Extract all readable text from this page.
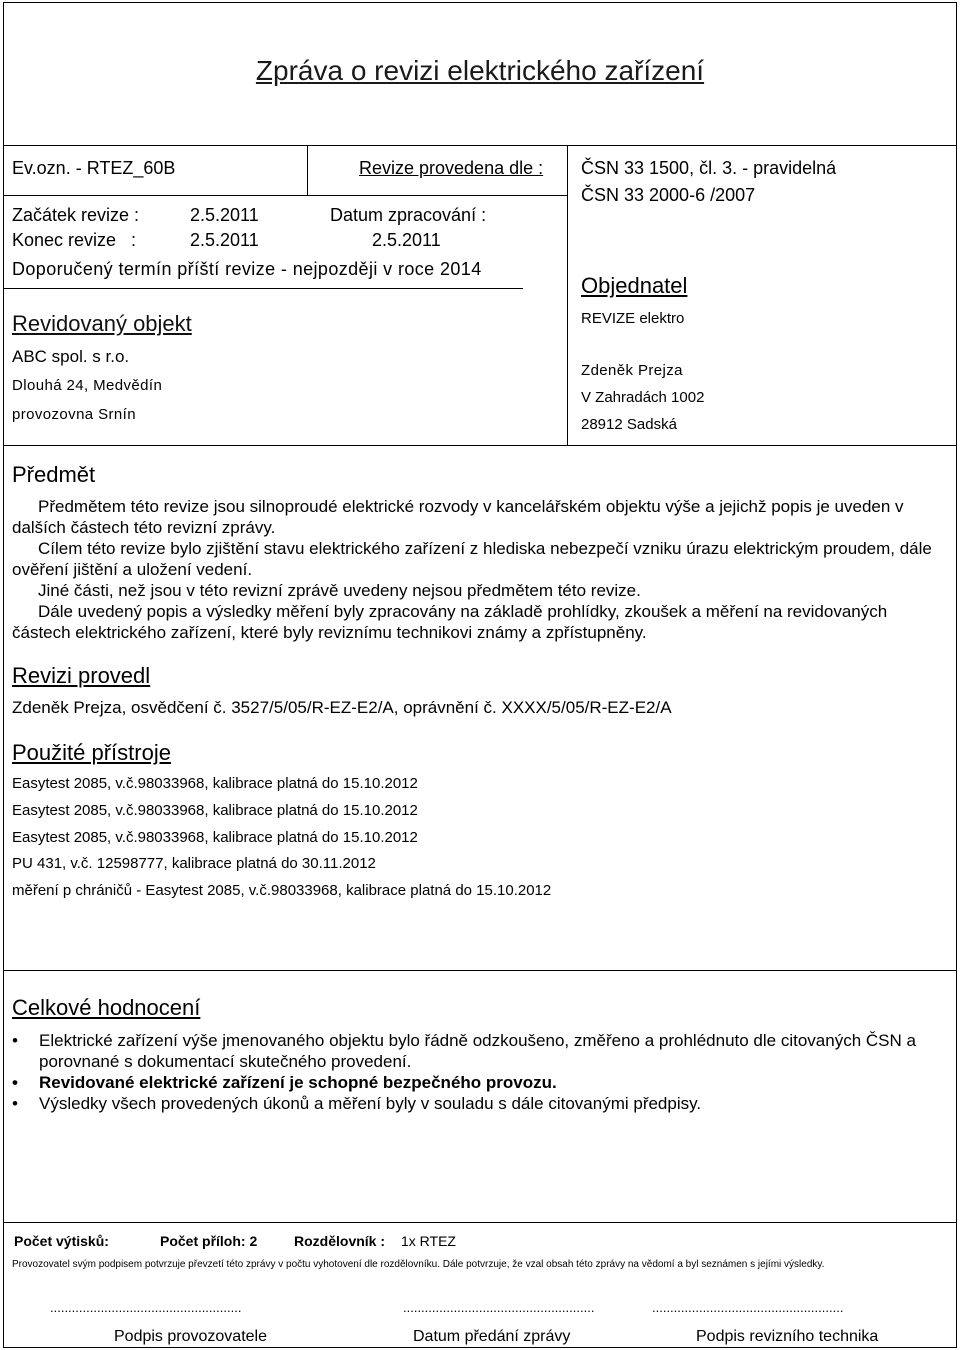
Zpráva o revizi elektrického zařízení
Ev.ozn. - RTEZ_60B	Revize provedena dle : ČSN 33 1500, čl. 3. - pravidelná
ČSN 33 2000-6 /2007
Začátek revize :	2.5.2011	Datum zpracování :
Konec revize   :	2.5.2011	2.5.2011
Doporučený termín příští revize - nejpozději v roce 2014
Revidovaný objekt
ABC spol. s r.o.
Dlouhá 24, Medvědín
provozovna Srnín
Objednatel
REVIZE elektro
Zdeněk Prejza
V Zahradách 1002
28912 Sadská
Předmět
Předmětem této revize jsou silnoproudé elektrické rozvody v kancelářském objektu výše a jejichž popis je uveden v dalších částech této revizní zprávy.
Cílem této revize bylo zjištění stavu elektrického zařízení z hlediska nebezpečí vzniku úrazu elektrickým proudem, dále ověření jištění a uložení vedení.
Jiné části, než jsou v této revizní zprávě uvedeny nejsou předmětem této revize.
Dále uvedený popis a výsledky měření byly zpracovány na základě prohlídky, zkoušek a měření na revidovaných částech elektrického zařízení, které byly reviznímu technikovi známy a zpřístupněny.
Revizi provedl
Zdeněk Prejza, osvědčení č. 3527/5/05/R-EZ-E2/A, oprávnění č. XXXX/5/05/R-EZ-E2/A
Použité přístroje
Easytest 2085, v.č.98033968, kalibrace platná do 15.10.2012
Easytest 2085, v.č.98033968, kalibrace platná do 15.10.2012
Easytest 2085, v.č.98033968, kalibrace platná do 15.10.2012
PU 431, v.č. 12598777, kalibrace platná do 30.11.2012
měření p chráničů - Easytest 2085, v.č.98033968, kalibrace platná do 15.10.2012
Celkové hodnocení
• Elektrické zařízení výše jmenovaného objektu bylo řádně odzkoušeno, změřeno a prohlédnuto dle citovaných ČSN a porovnané s dokumentací skutečného provedení.
• Revidované elektrické zařízení je schopné bezpečného provozu.
• Výsledky všech provedených úkonů a měření byly v souladu s dále citovanými předpisy.
Počet výtisků:	Počet příloh: 2	Rozdělovník : 1x RTEZ
Provozovatel svým podpisem potvrzuje převzetí této zprávy v počtu vyhotovení dle rozdělovníku. Dále potvrzuje, že vzal obsah této zprávy na vědomí a byl seznámen s jejími výsledky.
.....................................................	.....................................................	.....................................................
Podpis provozovatele	Datum předání zprávy	Podpis revizního technika
